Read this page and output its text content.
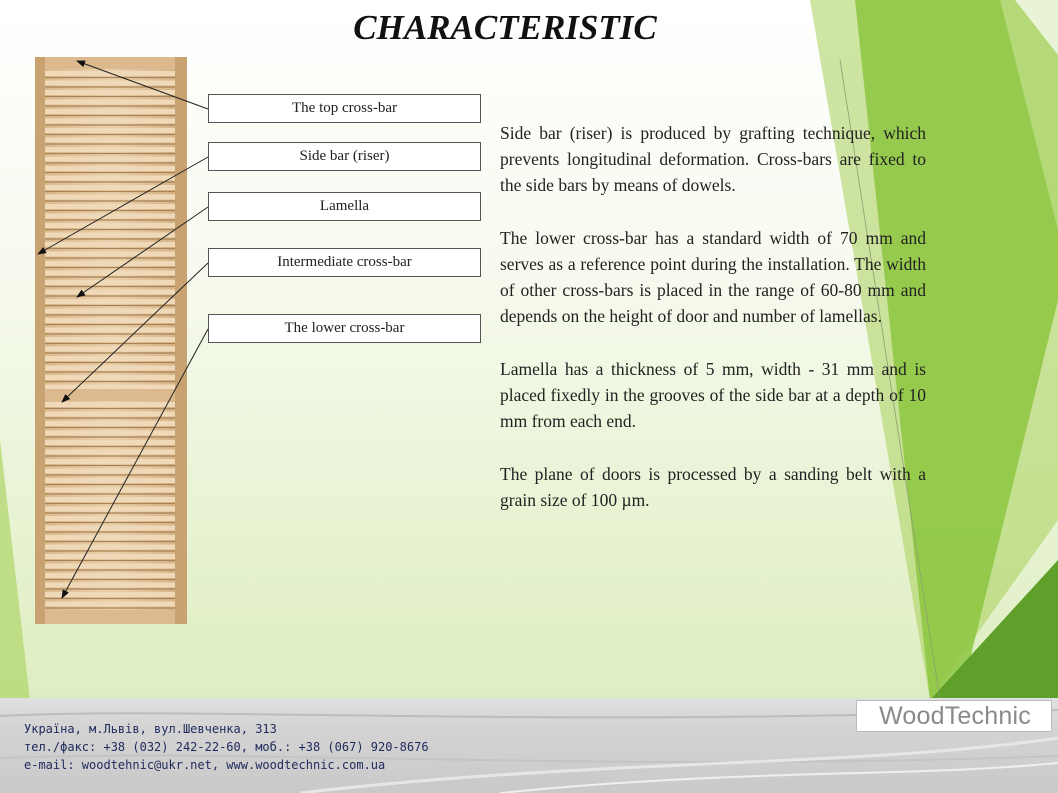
CHARACTERISTIC
The top cross-bar
Side bar (riser)
Lamella
Intermediate cross-bar
The lower cross-bar

Side bar (riser) is produced by grafting technique, which prevents longitudinal deformation. Cross-bars are fixed to the side bars by means of dowels.

The lower cross-bar has a standard width of 70 mm and serves as a reference point during the installation. The width of other cross-bars is placed in the range of 60-80 mm and depends on the height of door and number of lamellas.

Lamella has a thickness of 5 mm, width - 31 mm and is placed fixedly in the grooves of the side bar at a depth of 10 mm from each end.

The plane of doors is processed by a sanding belt with a grain size of 100 µm.

Україна, м.Львів, вул.Шевченка, 313
тел./факс: +38 (032) 242-22-60, моб.: +38 (067) 920-8676
e-mail: woodtehnic@ukr.net, www.woodtechnic.com.ua
WoodTechnic
